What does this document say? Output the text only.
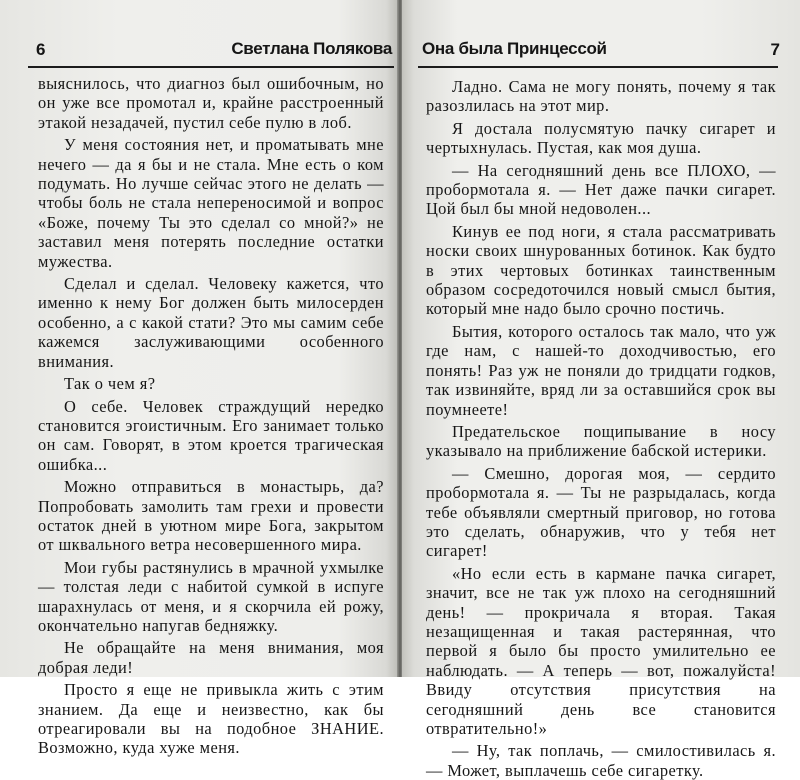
6	Светлана Полякова

выяснилось, что диагноз был ошибочным, но он уже все промотал и, крайне расстроенный этакой незадачей, пустил себе пулю в лоб.

У меня состояния нет, и проматывать мне нечего — да я бы и не стала. Мне есть о ком подумать. Но лучше сейчас этого не делать — чтобы боль не стала непереносимой и вопрос «Боже, почему Ты это сделал со мной?» не заставил меня потерять последние остатки мужества.

Сделал и сделал. Человеку кажется, что именно к нему Бог должен быть милосерден особенно, а с какой стати? Это мы самим себе кажемся заслуживающими особенного внимания.

Так о чем я?

О себе. Человек страждущий нередко становится эгоистичным. Его занимает только он сам. Говорят, в этом кроется трагическая ошибка...

Можно отправиться в монастырь, да? Попробовать замолить там грехи и провести остаток дней в уютном мире Бога, закрытом от шквального ветра несовершенного мира.

Мои губы растянулись в мрачной ухмылке — толстая леди с набитой сумкой в испуге шарахнулась от меня, и я скорчила ей рожу, окончательно напугав бедняжку.

Не обращайте на меня внимания, моя добрая леди!

Просто я еще не привыкла жить с этим знанием. Да еще и неизвестно, как бы отреагировали вы на подобное ЗНАНИЕ. Возможно, куда хуже меня.

Она была Принцессой	7

Ладно. Сама не могу понять, почему я так разозлилась на этот мир.

Я достала полусмятую пачку сигарет и чертыхнулась. Пустая, как моя душа.

— На сегодняшний день все ПЛОХО, — пробормотала я. — Нет даже пачки сигарет. Цой был бы мной недоволен...

Кинув ее под ноги, я стала рассматривать носки своих шнурованных ботинок. Как будто в этих чертовых ботинках таинственным образом сосредоточился новый смысл бытия, который мне надо было срочно постичь.

Бытия, которого осталось так мало, что уж где нам, с нашей-то доходчивостью, его понять! Раз уж не поняли до тридцати годков, так извиняйте, вряд ли за оставшийся срок вы поумнеете!

Предательское пощипывание в носу указывало на приближение бабской истерики.

— Смешно, дорогая моя, — сердито пробормотала я. — Ты не разрыдалась, когда тебе объявляли смертный приговор, но готова это сделать, обнаружив, что у тебя нет сигарет!

«Но если есть в кармане пачка сигарет, значит, все не так уж плохо на сегодняшний день! — прокричала я вторая. Такая незащищенная и такая растерянная, что первой я было бы просто умилительно ее наблюдать. — А теперь — вот, пожалуйста! Ввиду отсутствия присутствия на сегодняшний день все становится отвратительно!»

— Ну, так поплачь, — смилостивилась я. — Может, выплачешь себе сигаретку.
